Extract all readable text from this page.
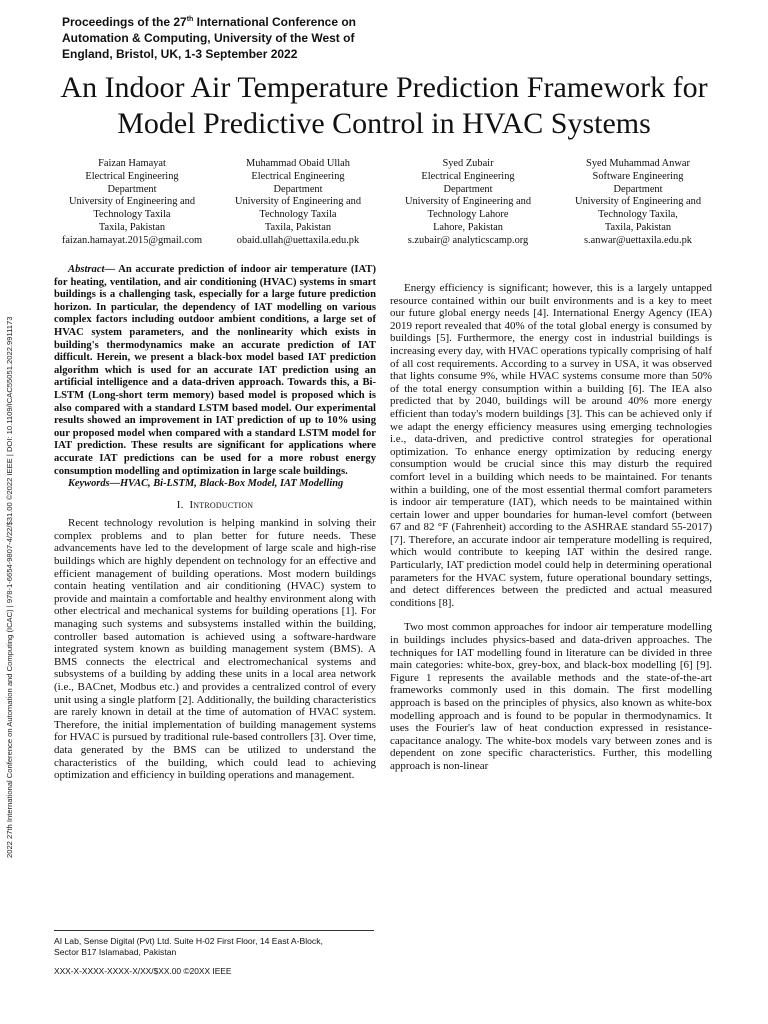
Proceedings of the 27th International Conference on
Automation & Computing, University of the West of
England, Bristol, UK, 1-3 September 2022
An Indoor Air Temperature Prediction Framework for
Model Predictive Control in HVAC Systems
2022 27th International Conference on Automation and Computing (ICAC) | 978-1-6654-9807-4/22/$31.00 ©2022 IEEE | DOI: 10.1109/ICAC55051.2022.9911173
Faizan Hamayat
Electrical Engineering
Department
University of Engineering and
Technology Taxila
Taxila, Pakistan
faizan.hamayat.2015@gmail.com
Muhammad Obaid Ullah
Electrical Engineering
Department
University of Engineering and
Technology Taxila
Taxila, Pakistan
obaid.ullah@uettaxila.edu.pk
Syed Zubair
Electrical Engineering
Department
University of Engineering and
Technology Lahore
Lahore, Pakistan
s.zubair@ analyticscamp.org
Syed Muhammad Anwar
Software Engineering
Department
University of Engineering and
Technology Taxila,
Taxila, Pakistan
s.anwar@uettaxila.edu.pk

Abstract— An accurate prediction of indoor air temperature (IAT) for heating, ventilation, and air conditioning (HVAC) systems in smart buildings is a challenging task, especially for a large future prediction horizon. In particular, the dependency of IAT modelling on various complex factors including outdoor ambient conditions, a large set of HVAC system parameters, and the nonlinearity which exists in building's thermodynamics make an accurate prediction of IAT difficult. Herein, we present a black-box model based IAT prediction algorithm which is used for an accurate IAT prediction using an artificial intelligence and a data-driven approach. Towards this, a Bi-LSTM (Long-short term memory) based model is proposed which is also compared with a standard LSTM based model. Our experimental results showed an improvement in IAT prediction of up to 10% using our proposed model when compared with a standard LSTM model for IAT prediction. These results are significant for applications where accurate IAT predictions can be used for a more robust energy consumption modelling and optimization in large scale buildings.

Keywords—HVAC, Bi-LSTM, Black-Box Model, IAT Modelling

I. Introduction

Recent technology revolution is helping mankind in solving their complex problems and to plan better for future needs. These advancements have led to the development of large scale and high-rise buildings which are highly dependent on technology for an effective and efficient management of building operations. Most modern buildings contain heating ventilation and air conditioning (HVAC) system to provide and maintain a comfortable and healthy environment along with other electrical and mechanical systems for building operations [1]. For managing such systems and subsystems installed within the building, controller based automation is achieved using a software-hardware integrated system known as building management system (BMS). A BMS connects the electrical and electromechanical systems and subsystems of a building by adding these units in a local area network (i.e., BACnet, Modbus etc.) and provides a centralized control of every unit using a single platform [2]. Additionally, the building characteristics are rarely known in detail at the time of automation of HVAC system. Therefore, the initial implementation of building management systems for HVAC is pursued by traditional rule-based controllers [3]. Over time, data generated by the BMS can be utilized to understand the characteristics of the building, which could lead to achieving optimization and efficiency in building operations and management.

Energy efficiency is significant; however, this is a largely untapped resource contained within our built environments and is a key to meet our future global energy needs [4]. International Energy Agency (IEA) 2019 report revealed that 40% of the total global energy is consumed by buildings [5]. Furthermore, the energy cost in industrial buildings is increasing every day, with HVAC operations typically comprising of half of all cost requirements. According to a survey in USA, it was observed that lights consume 9%, while HVAC systems consume more than 50% of the total energy consumption within a building [6]. The IEA also predicted that by 2040, buildings will be around 40% more energy efficient than today's modern buildings [3]. This can be achieved only if we adapt the energy efficiency measures using emerging technologies i.e., data-driven, and predictive control strategies for operational optimization. To enhance energy optimization by reducing energy consumption would be crucial since this may disturb the required comfort level in a building which needs to be maintained. For tenants within a building, one of the most essential thermal comfort parameters is indoor air temperature (IAT), which needs to be maintained within certain lower and upper boundaries for human-level comfort (between 67 and 82 °F (Fahrenheit) according to the ASHRAE standard 55-2017) [7]. Therefore, an accurate indoor air temperature modelling is required, which would contribute to keeping IAT within the desired range. Particularly, IAT prediction model could help in determining operational parameters for the HVAC system, future operational boundary settings, and detect differences between the predicted and actual measured conditions [8].

Two most common approaches for indoor air temperature modelling in buildings includes physics-based and data-driven approaches. The techniques for IAT modelling found in literature can be divided in three main categories: white-box, grey-box, and black-box modelling [6] [9]. Figure 1 represents the available methods and the state-of-the-art frameworks commonly used in this domain. The first modelling approach is based on the principles of physics, also known as white-box modelling approach and is found to be popular in thermodynamics. It uses the Fourier's law of heat conduction expressed in resistance-capacitance analogy. The white-box models vary between zones and is dependent on zone specific characteristics. Further, this modelling approach is non-linear

AI Lab, Sense Digital (Pvt) Ltd. Suite H-02 First Floor, 14 East A-Block,
Sector B17 Islamabad, Pakistan
XXX-X-XXXX-XXXX-X/XX/$XX.00 ©20XX IEEE
